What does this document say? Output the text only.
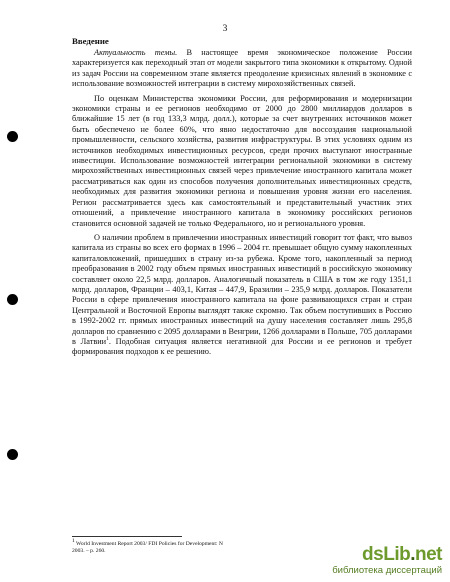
3
Введение

Актуальность темы. В настоящее время экономическое положение России характеризуется как переходный этап от модели закрытого типа экономики к открытому. Одной из задач России на современном этапе является преодоление кризисных явлений в экономике с использование возможностей интеграции в систему мирохозяйственных связей.

По оценкам Министерства экономики России, для реформирования и модернизации экономики страны и ее регионов необходимо от 2000 до 2800 миллиардов долларов в ближайшие 15 лет (в год 133,3 млрд. долл.), которые за счет внутренних источников может быть обеспечено не более 60%, что явно недостаточно для воссоздания национальной промышленности, сельского хозяйства, развития инфраструктуры. В этих условиях одним из источников необходимых инвестиционных ресурсов, среди прочих выступают иностранные инвестиции. Использование возможностей интеграции региональной экономики в систему мирохозяйственных инвестиционных связей через привлечение иностранного капитала может рассматриваться как один из способов получения дополнительных инвестиционных средств, необходимых для развития экономики региона и повышения уровня жизни его населения. Регион рассматривается здесь как самостоятельный и представительный участник этих отношений, а привлечение иностранного капитала в экономику российских регионов становится основной задачей не только Федерального, но и регионального уровня.

О наличии проблем в привлечении иностранных инвестиций говорит тот факт, что вывоз капитала из страны во всех его формах в 1996 – 2004 гг. превышает общую сумму накопленных капиталовложений, пришедших в страну из-за рубежа. Кроме того, накопленный за период преобразования в 2002 году объем прямых иностранных инвестиций в российскую экономику составляет около 22,5 млрд. долларов. Аналогичный показатель в США в том же году 1351,1 млрд. долларов, Франции – 403,1, Китая – 447,9, Бразилии – 235,9 млрд. долларов. Показатели России в сфере привлечения иностранного капитала на фоне развивающихся стран и стран Центральной и Восточной Европы выглядят также скромно. Так объем поступивших в Россию в 1992-2002 гг. прямых иностранных инвестиций на душу населения составляет лишь 295,8 долларов по сравнению с 2095 долларами в Венгрии, 1266 долларами в Польше, 705 долларами в Латвии$^1$. Подобная ситуация является негативной для России и ее регионов и требует формирования подходов к ее решению.

$^1$ World Investment Report 2003/ FDI Policies for Development: N
2003. – p. 260.	dsLib.net
библиотека диссертаций
